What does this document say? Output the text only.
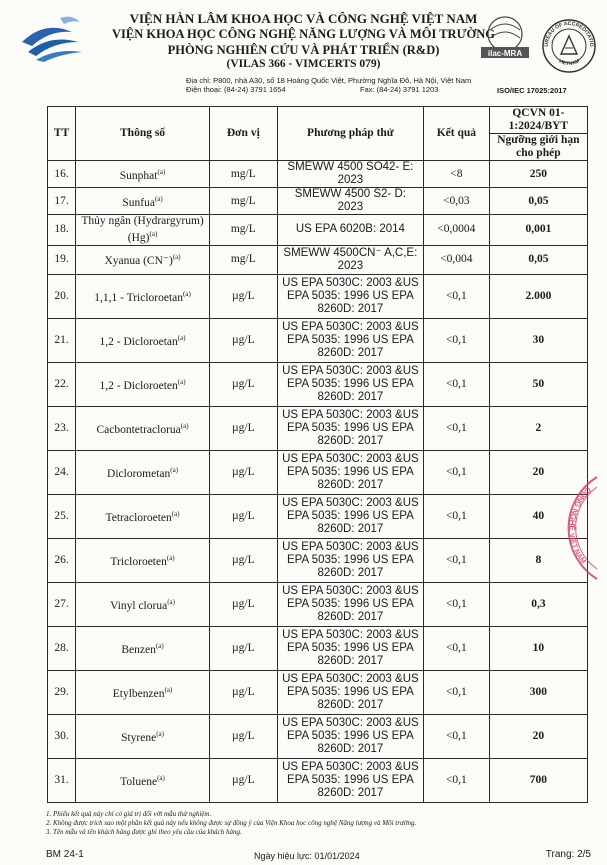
VIỆN HÀN LÂM KHOA HỌC VÀ CÔNG NGHỆ VIỆT NAM
VIỆN KHOA HỌC CÔNG NGHỆ NĂNG LƯỢNG VÀ MÔI TRƯỜNG
PHÒNG NGHIÊN CỨU VÀ PHÁT TRIỂN (R&D)
(VILAS 366 - VIMCERTS 079)
Địa chỉ: P800, nhà A30, số 18 Hoàng Quốc Việt, Phường Nghĩa Đô, Hà Nội, Việt Nam
Điện thoại: (84-24) 3791 1654	Fax: (84-24) 3791 1203
ilac-MRA
UREAU OF ACCREDITATIO
VIETNAM
ISO/IEC 17025:2017
TT	Thông số	Đơn vị	Phương pháp thử	Kết quả	QCVN 01-1:2024/BYT
					Ngưỡng giới hạn cho phép
16.	Sunphat$^{(a)}$	mg/L	SMEWW 4500 SO42- E: 2023	<8	250
17.	Sunfua$^{(a)}$	mg/L	SMEWW 4500 S2- D: 2023	<0,03	0,05
18.	Thủy ngân (Hydrargyrum) $(Hg)^{(a)}$	mg/L	US EPA 6020B: 2014	<0,0004	0,001
19.	Xyanua $(CN^-)^{(a)}$	mg/L	SMEWW 4500CN⁻ A,C,E: 2023	<0,004	0,05
20.	1,1,1 - Tricloroetan$^{(a)}$	µg/L	US EPA 5030C: 2003 &US EPA 5035: 1996 US EPA 8260D: 2017	<0,1	2.000
21.	1,2 - Dicloroetan$^{(a)}$	µg/L	US EPA 5030C: 2003 &US EPA 5035: 1996 US EPA 8260D: 2017	<0,1	30
22.	1,2 - Dicloroeten$^{(a)}$	µg/L	US EPA 5030C: 2003 &US EPA 5035: 1996 US EPA 8260D: 2017	<0,1	50
23.	Cacbontetraclorua$^{(a)}$	µg/L	US EPA 5030C: 2003 &US EPA 5035: 1996 US EPA 8260D: 2017	<0,1	2
24.	Diclorometan$^{(a)}$	µg/L	US EPA 5030C: 2003 &US EPA 5035: 1996 US EPA 8260D: 2017	<0,1	20
25.	Tetracloroeten$^{(a)}$	µg/L	US EPA 5030C: 2003 &US EPA 5035: 1996 US EPA 8260D: 2017	<0,1	40
26.	Tricloroeten$^{(a)}$	µg/L	US EPA 5030C: 2003 &US EPA 5035: 1996 US EPA 8260D: 2017	<0,1	8
27.	Vinyl clorua$^{(a)}$	µg/L	US EPA 5030C: 2003 &US EPA 5035: 1996 US EPA 8260D: 2017	<0,1	0,3
28.	Benzen$^{(a)}$	µg/L	US EPA 5030C: 2003 &US EPA 5035: 1996 US EPA 8260D: 2017	<0,1	10
29.	Etylbenzen$^{(a)}$	µg/L	US EPA 5030C: 2003 &US EPA 5035: 1996 US EPA 8260D: 2017	<0,1	300
30.	Styrene$^{(a)}$	µg/L	US EPA 5030C: 2003 &US EPA 5035: 1996 US EPA 8260D: 2017	<0,1	20
31.	Toluene$^{(a)}$	µg/L	US EPA 5030C: 2003 &US EPA 5035: 1996 US EPA 8260D: 2017	<0,1	700
CÔNG NGHỆ
VIỆT NAM
1. Phiếu kết quả này chỉ có giá trị đối với mẫu thử nghiệm.
2. Không được trích sao một phần kết quả này nếu không được sự đồng ý của Viện Khoa học công nghệ Năng lượng và Môi trường.
3. Tên mẫu và tên khách hàng được ghi theo yêu cầu của khách hàng.
BM 24-1	Ngày hiệu lực: 01/01/2024	Trang: 2/5
